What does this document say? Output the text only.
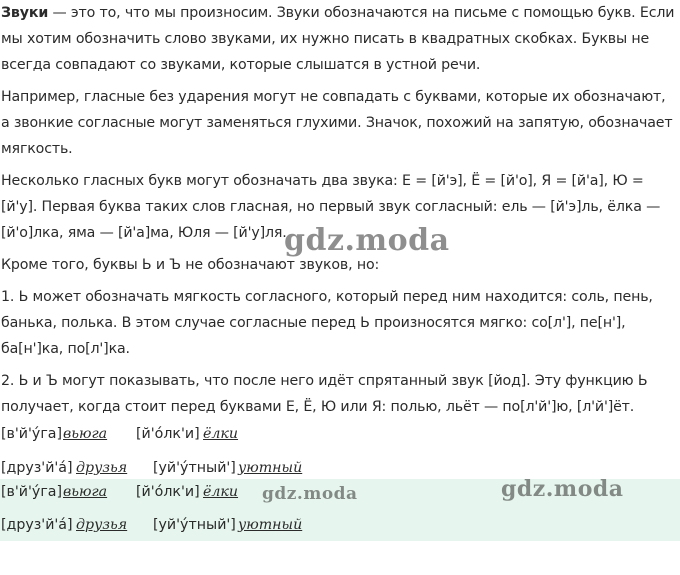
Звуки — это то, что мы произносим. Звуки обозначаются на письме с помощью букв. Если мы хотим обозначить слово звуками, их нужно писать в квадратных скобках. Буквы не всегда совпадают со звуками, которые слышатся в устной речи.

Например, гласные без ударения могут не совпадать с буквами, которые их обозначают, а звонкие согласные могут заменяться глухими. Значок, похожий на запятую, обозначает мягкость.

Несколько гласных букв могут обозначать два звука: Е = [й'э], Ё = [й'о], Я = [й'а], Ю = [й'у]. Первая буква таких слов гласная, но первый звук согласный: ель — [й'э]ль, ёлка — [й'о]лка, яма — [й'а]ма, Юля — [й'у]ля.

Кроме того, буквы Ь и Ъ не обозначают звуков, но:

1. Ь может обозначать мягкость согласного, который перед ним находится: соль, пень, банька, полька. В этом случае согласные перед Ь произносятся мягко: со[л'], пе[н'], ба[н']ка, по[л']ка.

2. Ь и Ъ могут показывать, что после него идёт спрятанный звук [йод]. Эту функцию Ь получает, когда стоит перед буквами Е, Ё, Ю или Я: полью, льёт — по[л'й']ю, [л'й']ёт.

[в'й'у́га] вьюга [й'о́лк'и] ёлки
[друз'й'а́] друзья [уй'у́тный'] уютный
[в'й'у́га] вьюга [й'о́лк'и] ёлки
[друз'й'а́] друзья [уй'у́тный'] уютный
gdz.moda
gdz.moda	gdz.moda
